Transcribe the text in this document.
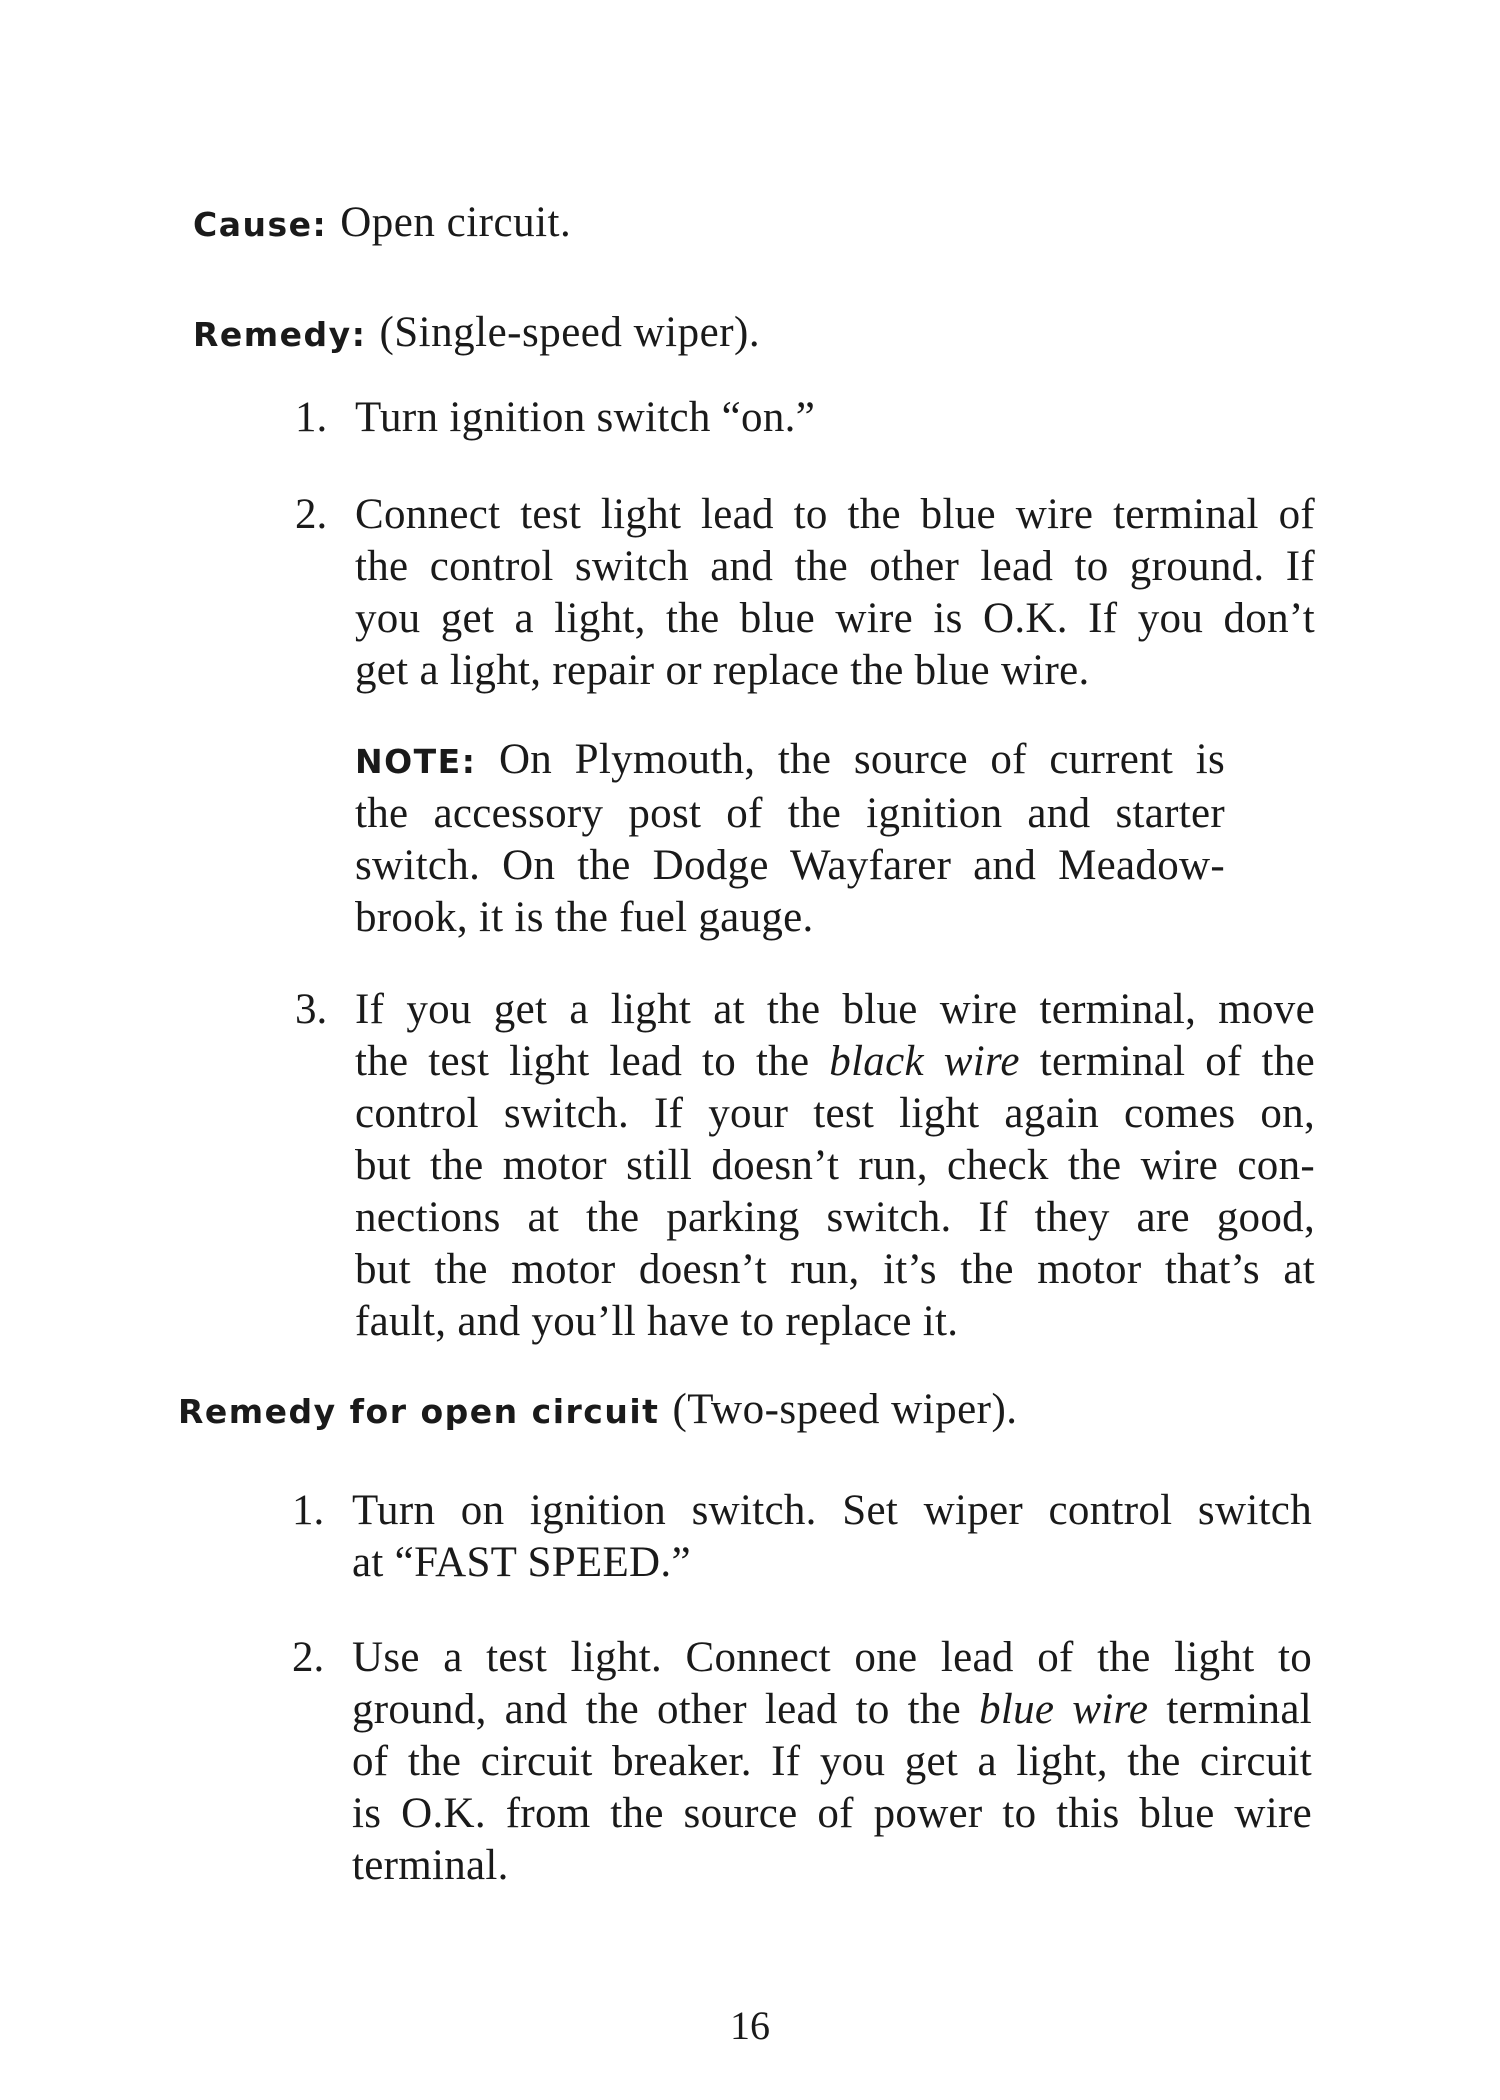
Cause: Open circuit.
Remedy: (Single-speed wiper).
1. Turn ignition switch “on.”
2. Connect test light lead to the blue wire terminal of
the control switch and the other lead to ground. If
you get a light, the blue wire is O.K. If you don’t
get a light, repair or replace the blue wire.
NOTE: On Plymouth, the source of current is
the accessory post of the ignition and starter
switch. On the Dodge Wayfarer and Meadow-
brook, it is the fuel gauge.
3. If you get a light at the blue wire terminal, move
the test light lead to the black wire terminal of the
control switch. If your test light again comes on,
but the motor still doesn’t run, check the wire con-
nections at the parking switch. If they are good,
but the motor doesn’t run, it’s the motor that’s at
fault, and you’ll have to replace it.
Remedy for open circuit (Two-speed wiper).
1. Turn on ignition switch. Set wiper control switch
at “FAST SPEED.”
2. Use a test light. Connect one lead of the light to
ground, and the other lead to the blue wire terminal
of the circuit breaker. If you get a light, the circuit
is O.K. from the source of power to this blue wire
terminal.
16
